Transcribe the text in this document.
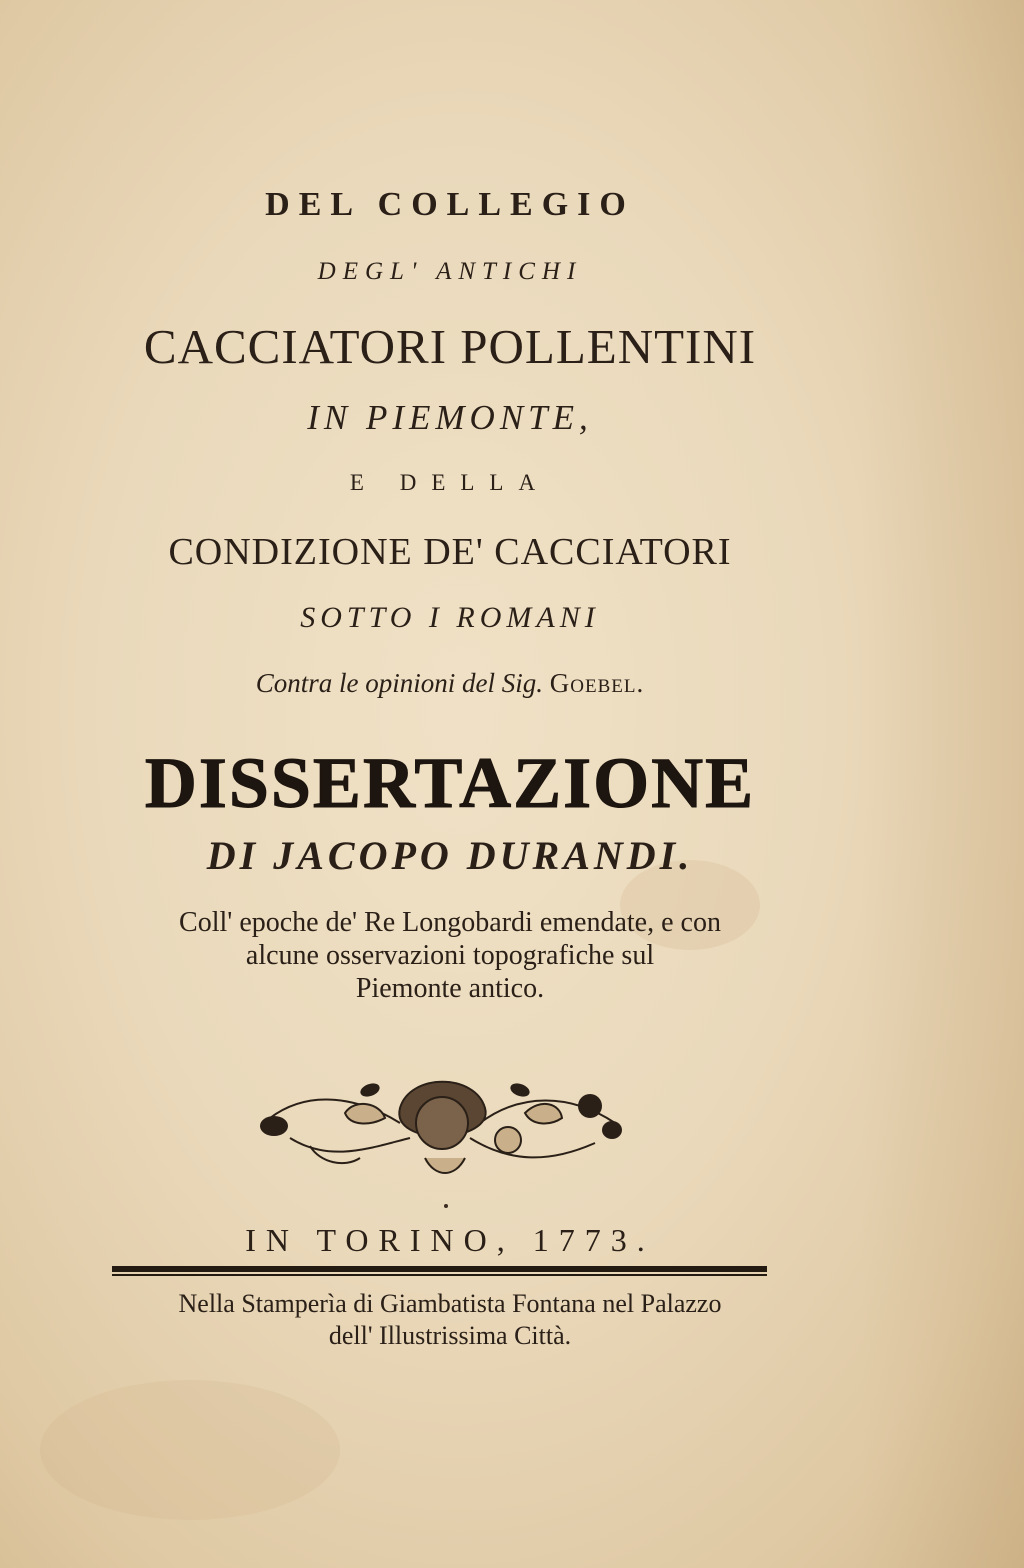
DEL COLLEGIO
DEGL' ANTICHI
CACCIATORI POLLENTINI
IN PIEMONTE,
E DELLA
CONDIZIONE DE' CACCIATORI
SOTTO I ROMANI
Contra le opinioni del Sig. Goebel.
DISSERTAZIONE
DI JACOPO DURANDI.
Coll' epoche de' Re Longobardi emendate, e con
alcune osservazioni topografiche sul
Piemonte antico.
IN TORINO, 1773.
Nella Stamperìa di Giambatista Fontana nel Palazzo
dell' Illustrissima Città.
